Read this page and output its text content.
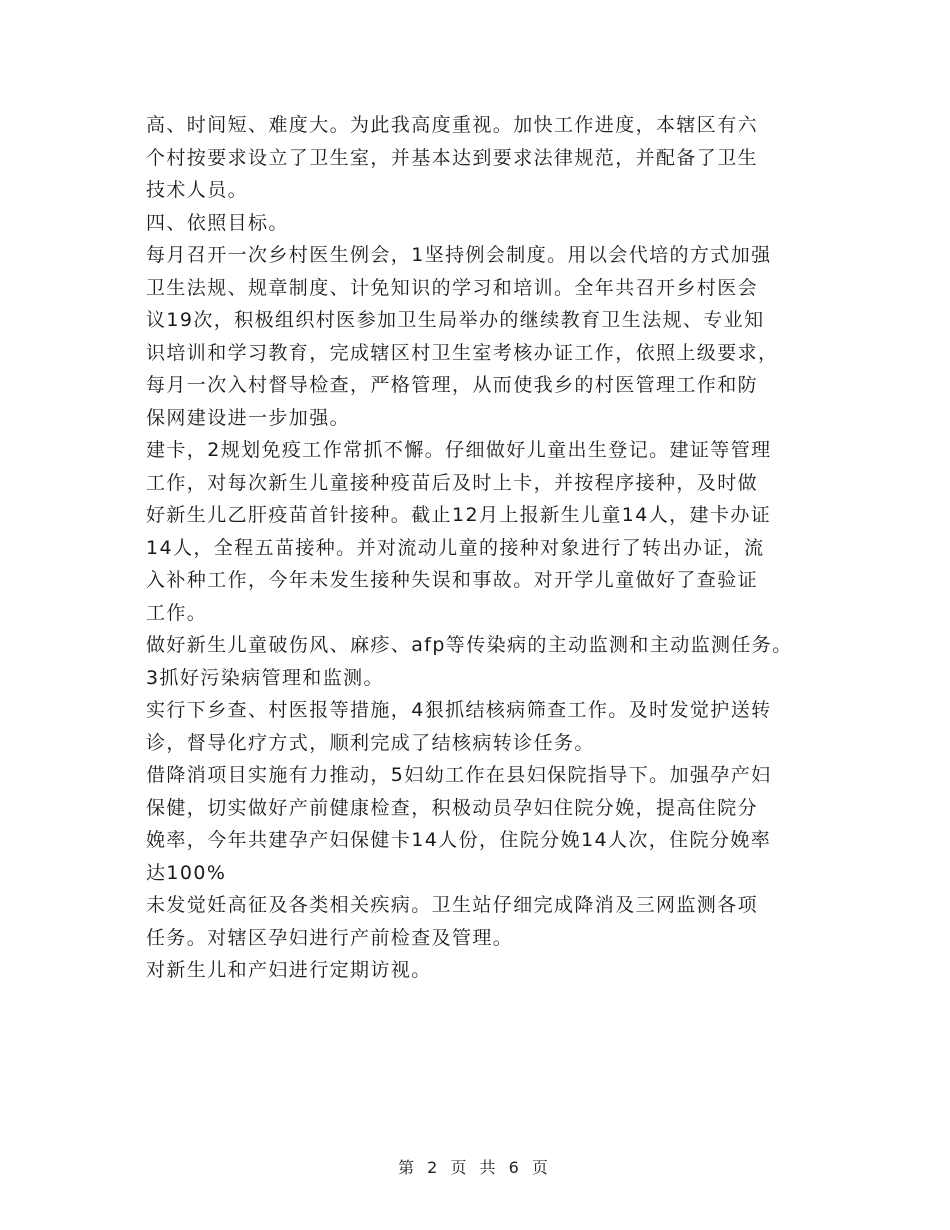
高、时间短、难度大。为此我高度重视。加快工作进度，本辖区有六
个村按要求设立了卫生室，并基本达到要求法律规范，并配备了卫生
技术人员。
四、依照目标。
每月召开一次乡村医生例会，1坚持例会制度。用以会代培的方式加强
卫生法规、规章制度、计免知识的学习和培训。全年共召开乡村医会
议19次，积极组织村医参加卫生局举办的继续教育卫生法规、专业知
识培训和学习教育，完成辖区村卫生室考核办证工作，依照上级要求，
每月一次入村督导检查，严格管理，从而使我乡的村医管理工作和防
保网建设进一步加强。
建卡，2规划免疫工作常抓不懈。仔细做好儿童出生登记。建证等管理
工作，对每次新生儿童接种疫苗后及时上卡，并按程序接种，及时做
好新生儿乙肝疫苗首针接种。截止12月上报新生儿童14人，建卡办证
14人，全程五苗接种。并对流动儿童的接种对象进行了转出办证，流
入补种工作，今年未发生接种失误和事故。对开学儿童做好了查验证
工作。
做好新生儿童破伤风、麻疹、afp等传染病的主动监测和主动监测任务。
3抓好污染病管理和监测。
实行下乡查、村医报等措施，4狠抓结核病筛查工作。及时发觉护送转
诊，督导化疗方式，顺利完成了结核病转诊任务。
借降消项目实施有力推动，5妇幼工作在县妇保院指导下。加强孕产妇
保健，切实做好产前健康检查，积极动员孕妇住院分娩，提高住院分
娩率，今年共建孕产妇保健卡14人份，住院分娩14人次，住院分娩率
达100%
未发觉妊高征及各类相关疾病。卫生站仔细完成降消及三网监测各项
任务。对辖区孕妇进行产前检查及管理。
对新生儿和产妇进行定期访视。
第 2 页 共 6 页
